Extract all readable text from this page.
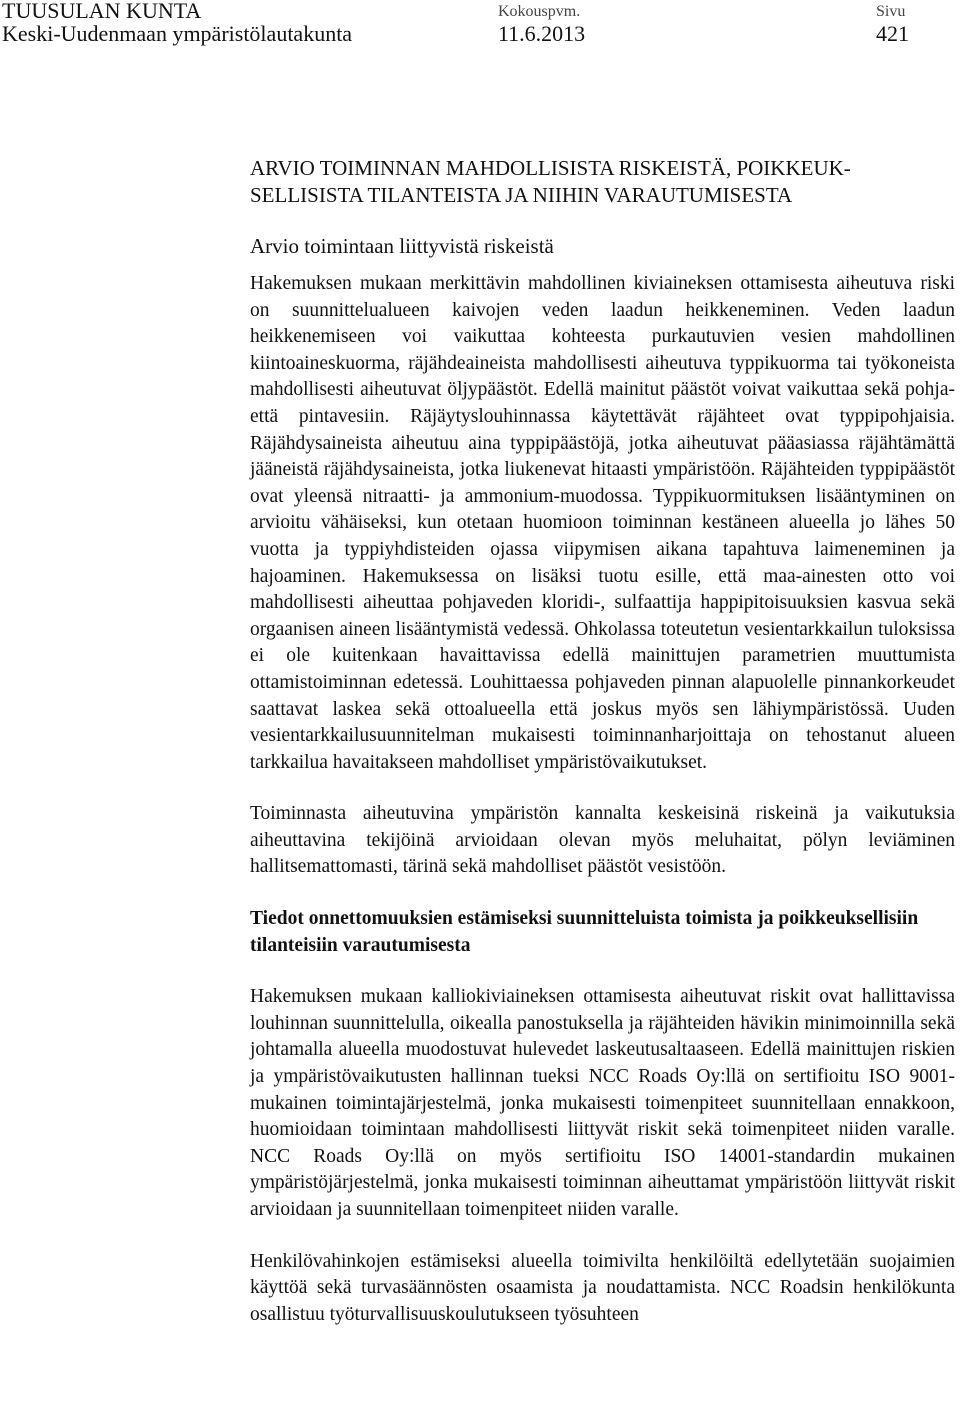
TUUSULAN KUNTA
Keski-Uudenmaan ympäristölautakunta
Kokouspvm.
11.6.2013
Sivu
421
ARVIO TOIMINNAN MAHDOLLISISTA RISKEISTÄ, POIKKEUK-
SELLISISTA TILANTEISTA JA NIIHIN VARAUTUMISESTA
Arvio toimintaan liittyvistä riskeistä

Hakemuksen mukaan merkittävin mahdollinen kiviaineksen ottamisesta aiheutuva riski on suunnittelualueen kaivojen veden laadun heikkeneminen. Veden laadun heikkenemiseen voi vaikuttaa kohteesta purkautuvien vesien mahdollinen kiintoaineskuorma, räjähdeaineista mahdollisesti aiheutuva typpikuorma tai työkoneista mahdollisesti aiheutuvat öljypäästöt. Edellä mainitut päästöt voivat vaikuttaa sekä pohja- että pintavesiin. Räjäytyslouhinnassa käytettävät räjähteet ovat typpipohjaisia. Räjähdysaineista aiheutuu aina typpipäästöjä, jotka aiheutuvat pääasiassa räjähtämättä jääneistä räjähdysaineista, jotka liukenevat hitaasti ympäristöön. Räjähteiden typpipäästöt ovat yleensä nitraatti- ja ammonium-muodossa. Typpikuormituksen lisääntyminen on arvioitu vähäiseksi, kun otetaan huomioon toiminnan kestäneen alueella jo lähes 50 vuotta ja typpiyhdisteiden ojassa viipymisen aikana tapahtuva laimeneminen ja hajoaminen. Hakemuksessa on lisäksi tuotu esille, että maa-ainesten otto voi mahdollisesti aiheuttaa pohjaveden kloridi-, sulfaattija happipitoisuuksien kasvua sekä orgaanisen aineen lisääntymistä vedessä. Ohkolassa toteutetun vesientarkkailun tuloksissa ei ole kuitenkaan havaittavissa edellä mainittujen parametrien muuttumista ottamistoiminnan edetessä. Louhittaessa pohjaveden pinnan alapuolelle pinnankorkeudet saattavat laskea sekä ottoalueella että joskus myös sen lähiympäristössä. Uuden vesientarkkailusuunnitelman mukaisesti toiminnanharjoittaja on tehostanut alueen tarkkailua havaitakseen mahdolliset ympäristövaikutukset.

Toiminnasta aiheutuvina ympäristön kannalta keskeisinä riskeinä ja vaikutuksia aiheuttavina tekijöinä arvioidaan olevan myös meluhaitat, pölyn leviäminen hallitsemattomasti, tärinä sekä mahdolliset päästöt vesistöön.

Tiedot onnettomuuksien estämiseksi suunnitteluista toimista ja poikkeuksellisiin tilanteisiin varautumisesta

Hakemuksen mukaan kalliokiviaineksen ottamisesta aiheutuvat riskit ovat hallittavissa louhinnan suunnittelulla, oikealla panostuksella ja räjähteiden hävikin minimoinnilla sekä johtamalla alueella muodostuvat hulevedet laskeutusaltaaseen. Edellä mainittujen riskien ja ympäristövaikutusten hallinnan tueksi NCC Roads Oy:llä on sertifioitu ISO 9001-mukainen toimintajärjestelmä, jonka mukaisesti toimenpiteet suunnitellaan ennakkoon, huomioidaan toimintaan mahdollisesti liittyvät riskit sekä toimenpiteet niiden varalle. NCC Roads Oy:llä on myös sertifioitu ISO 14001-standardin mukainen ympäristöjärjestelmä, jonka mukaisesti toiminnan aiheuttamat ympäristöön liittyvät riskit arvioidaan ja suunnitellaan toimenpiteet niiden varalle.

Henkilövahinkojen estämiseksi alueella toimivilta henkilöiltä edellytetään suojaimien käyttöä sekä turvasäännösten osaamista ja noudattamista. NCC Roadsin henkilökunta osallistuu työturvallisuuskoulutukseen työsuhteen
